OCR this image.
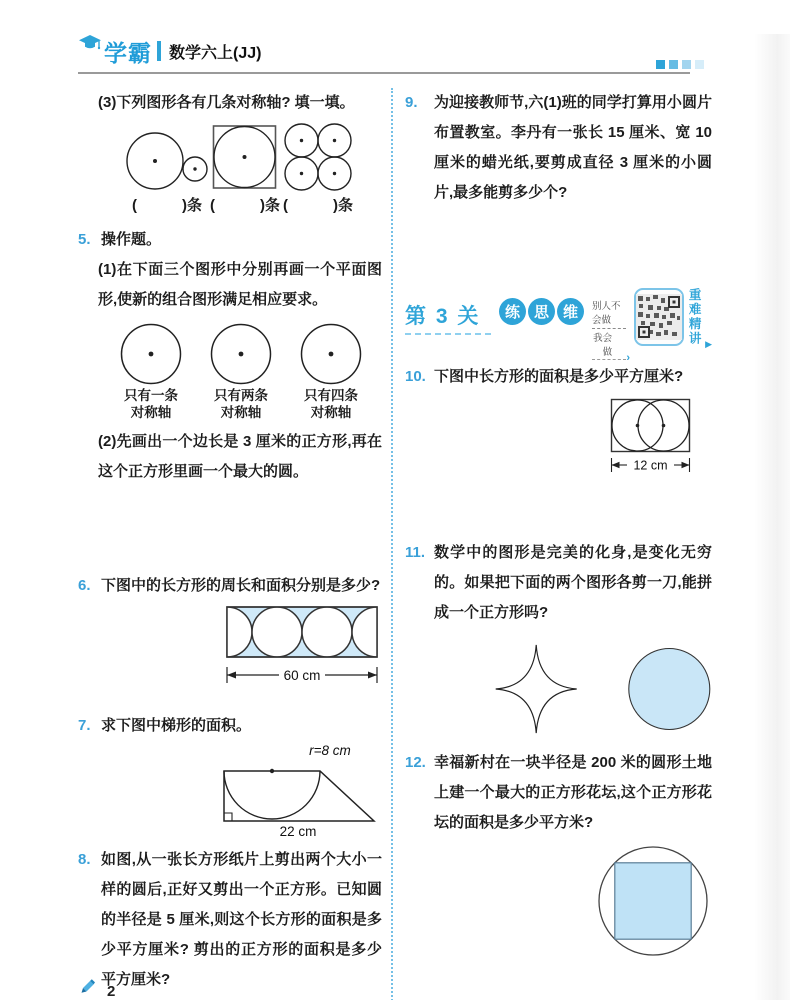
学霸 数学六上(JJ)
(3)下列图形各有几条对称轴? 填一填。
(　　　)条 (　　　)条 (　　　)条
5. 操作题。
(1)在下面三个图形中分别再画一个平面图形,使新的组合图形满足相应要求。
只有一条
对称轴
只有两条
对称轴
只有四条
对称轴
(2)先画出一个边长是 3 厘米的正方形,再在这个正方形里画一个最大的圆。
6. 下图中的长方形的周长和面积分别是多少?
60 cm
7. 求下图中梯形的面积。
r=8 cm
22 cm
8. 如图,从一张长方形纸片上剪出两个大小一样的圆后,正好又剪出一个正方形。已知圆的半径是 5 厘米,则这个长方形的面积是多少平方厘米? 剪出的正方形的面积是多少平方厘米?
9.	为迎接教师节,六(1)班的同学打算用小圆片布置教室。李丹有一张长 15 厘米、宽 10 厘米的蜡光纸,要剪成直径 3 厘米的小圆片,最多能剪多少个?
第 3 关	练 思 维	别人不会做
我会做	›
重难精讲 ▶
10. 下图中长方形的面积是多少平方厘米?
12 cm
11. 数学中的图形是完美的化身,是变化无穷的。如果把下面的两个图形各剪一刀,能拼成一个正方形吗?
12. 幸福新村在一块半径是 200 米的圆形土地上建一个最大的正方形花坛,这个正方形花坛的面积是多少平方米?
2
